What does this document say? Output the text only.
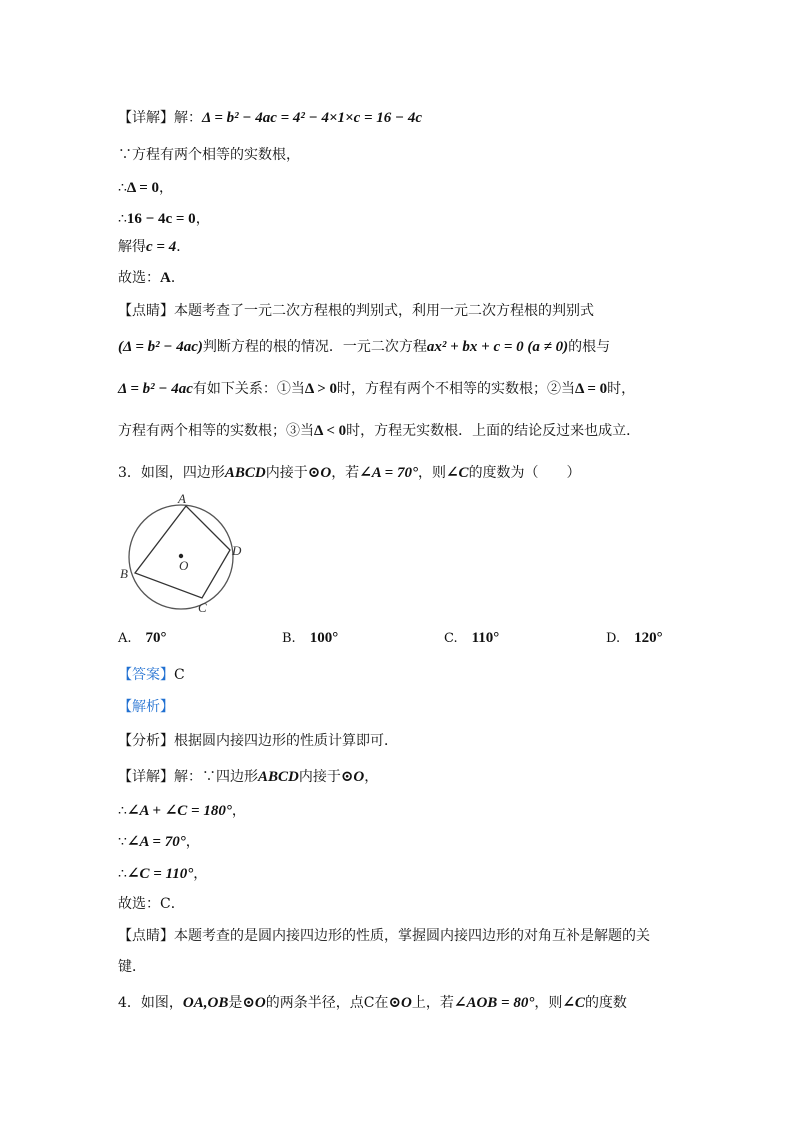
【详解】解：Δ = b² − 4ac = 4² − 4×1×c = 16 − 4c
∵方程有两个相等的实数根，
∴Δ = 0，
∴16 − 4c = 0，
解得c = 4．
故选：A．
【点睛】本题考查了一元二次方程根的判别式，利用一元二次方程根的判别式
(Δ = b² − 4ac)判断方程的根的情况．一元二次方程ax² + bx + c = 0 (a ≠ 0)的根与
Δ = b² − 4ac有如下关系：①当Δ > 0时，方程有两个不相等的实数根；②当Δ = 0时，
方程有两个相等的实数根；③当Δ < 0时，方程无实数根．上面的结论反过来也成立．
3．如图，四边形ABCD内接于⊙O，若∠A = 70°，则∠C的度数为（　　）
A
D
B
C
O
A. 70°	B. 100°	C. 110°	D. 120°
【答案】C
【解析】
【分析】根据圆内接四边形的性质计算即可．
【详解】解：∵四边形ABCD内接于⊙O，
∴∠A + ∠C = 180°，
∵∠A = 70°，
∴∠C = 110°，
故选：C．
【点睛】本题考查的是圆内接四边形的性质，掌握圆内接四边形的对角互补是解题的关
键．
4．如图，OA,OB是⊙O的两条半径，点C在⊙O上，若∠AOB = 80°，则∠C的度数
